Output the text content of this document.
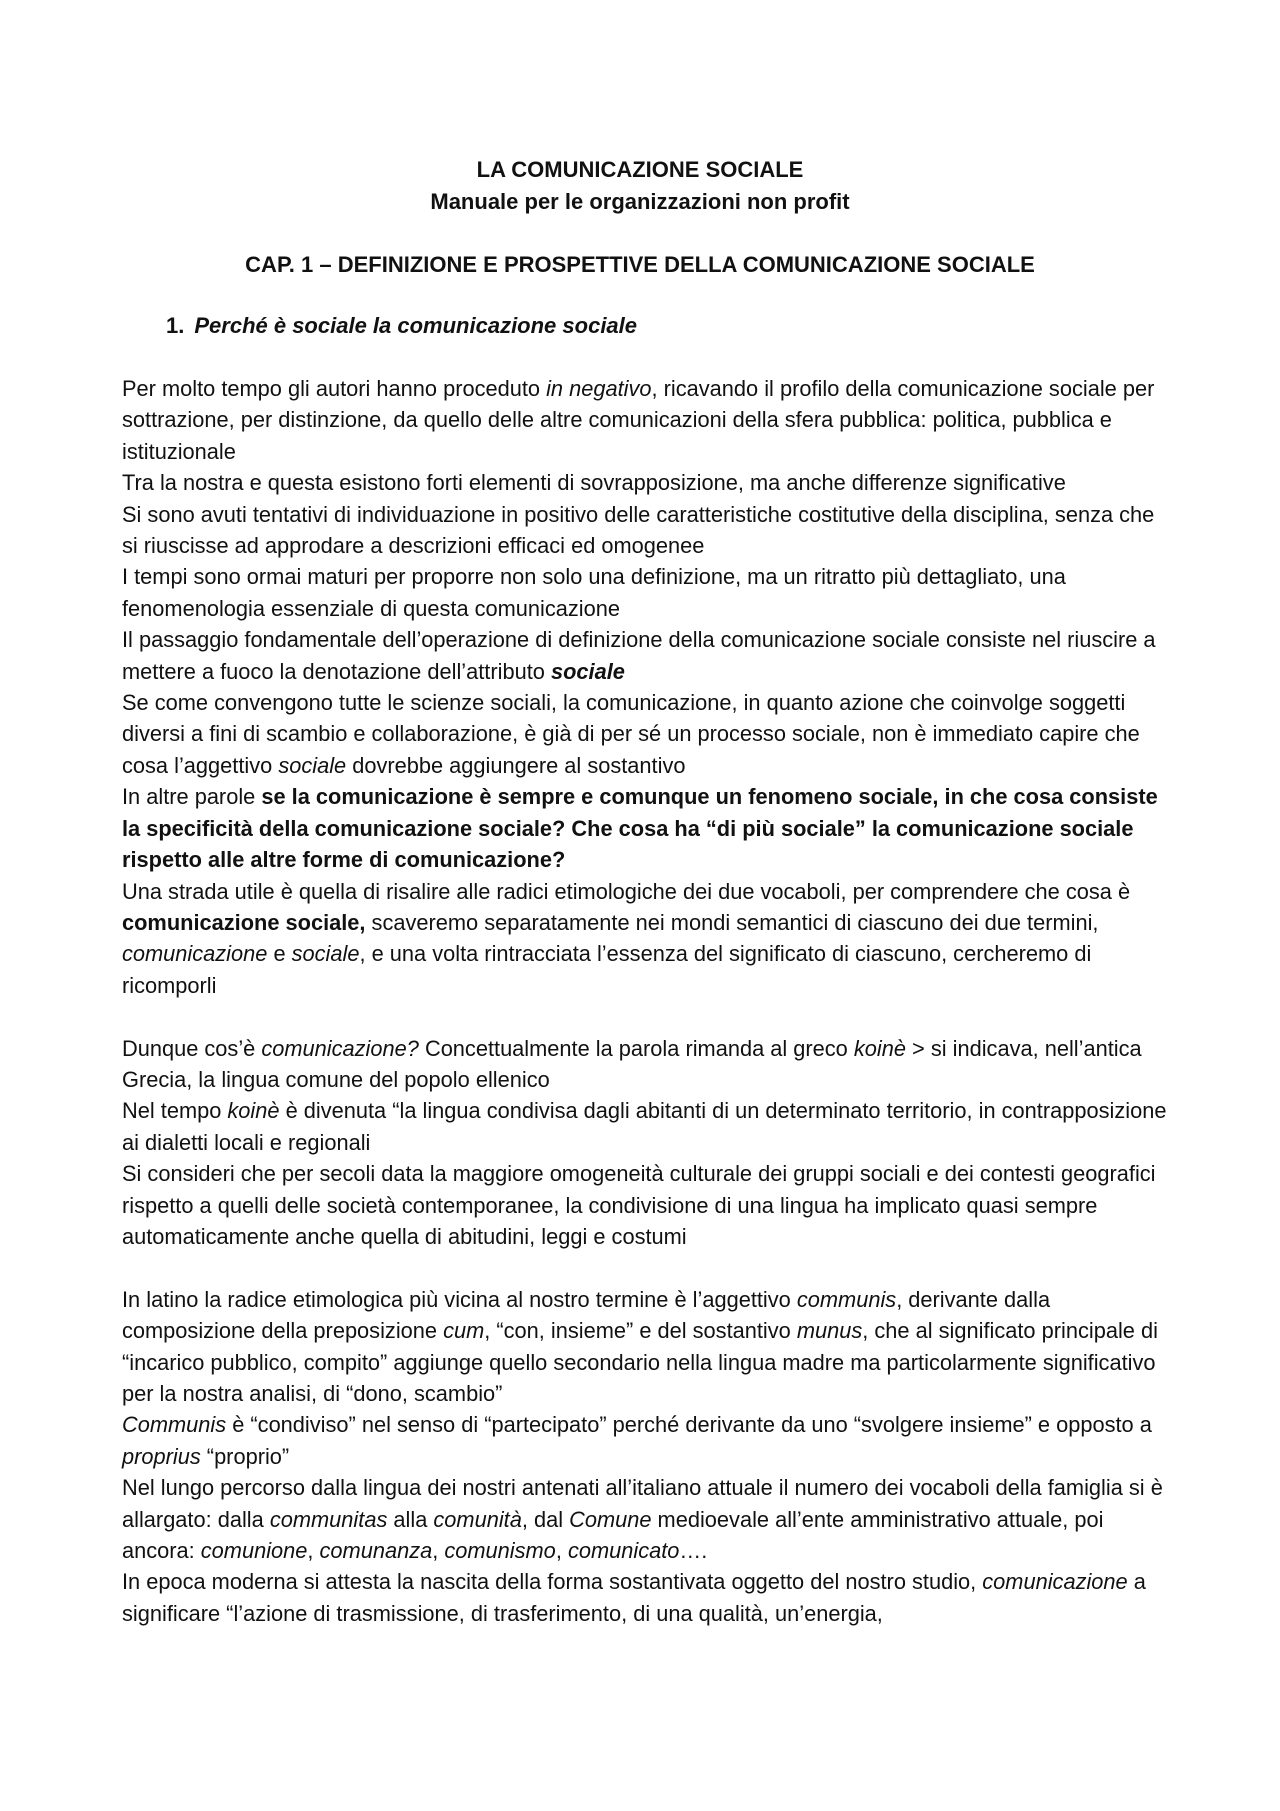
LA COMUNICAZIONE SOCIALE
Manuale per le organizzazioni non profit
CAP. 1 – DEFINIZIONE E PROSPETTIVE DELLA COMUNICAZIONE SOCIALE
1. Perché è sociale la comunicazione sociale

Per molto tempo gli autori hanno proceduto in negativo, ricavando il profilo della comunicazione sociale per sottrazione, per distinzione, da quello delle altre comunicazioni della sfera pubblica: politica, pubblica e istituzionale

Tra la nostra e questa esistono forti elementi di sovrapposizione, ma anche differenze significative

Si sono avuti tentativi di individuazione in positivo delle caratteristiche costitutive della disciplina, senza che si riuscisse ad approdare a descrizioni efficaci ed omogenee

I tempi sono ormai maturi per proporre non solo una definizione, ma un ritratto più dettagliato, una fenomenologia essenziale di questa comunicazione

Il passaggio fondamentale dell’operazione di definizione della comunicazione sociale consiste nel riuscire a mettere a fuoco la denotazione dell’attributo sociale

Se come convengono tutte le scienze sociali, la comunicazione, in quanto azione che coinvolge soggetti diversi a fini di scambio e collaborazione, è già di per sé un processo sociale, non è immediato capire che cosa l’aggettivo sociale dovrebbe aggiungere al sostantivo

In altre parole se la comunicazione è sempre e comunque un fenomeno sociale, in che cosa consiste la specificità della comunicazione sociale? Che cosa ha “di più sociale” la comunicazione sociale rispetto alle altre forme di comunicazione?

Una strada utile è quella di risalire alle radici etimologiche dei due vocaboli, per comprendere che cosa è comunicazione sociale, scaveremo separatamente nei mondi semantici di ciascuno dei due termini, comunicazione e sociale, e una volta rintracciata l’essenza del significato di ciascuno, cercheremo di ricomporli

Dunque cos’è comunicazione? Concettualmente la parola rimanda al greco koinè > si indicava, nell’antica Grecia, la lingua comune del popolo ellenico

Nel tempo koinè è divenuta “la lingua condivisa dagli abitanti di un determinato territorio, in contrapposizione ai dialetti locali e regionali

Si consideri che per secoli data la maggiore omogeneità culturale dei gruppi sociali e dei contesti geografici rispetto a quelli delle società contemporanee, la condivisione di una lingua ha implicato quasi sempre automaticamente anche quella di abitudini, leggi e costumi

In latino la radice etimologica più vicina al nostro termine è l’aggettivo communis, derivante dalla composizione della preposizione cum, “con, insieme” e del sostantivo munus, che al significato principale di “incarico pubblico, compito” aggiunge quello secondario nella lingua madre ma particolarmente significativo per la nostra analisi, di “dono, scambio”

Communis è “condiviso” nel senso di “partecipato” perché derivante da uno “svolgere insieme” e opposto a proprius “proprio”

Nel lungo percorso dalla lingua dei nostri antenati all’italiano attuale il numero dei vocaboli della famiglia si è allargato: dalla communitas alla comunità, dal Comune medioevale all’ente amministrativo attuale, poi ancora: comunione, comunanza, comunismo, comunicato….

In epoca moderna si attesta la nascita della forma sostantivata oggetto del nostro studio, comunicazione a significare “l’azione di trasmissione, di trasferimento, di una qualità, un’energia,
